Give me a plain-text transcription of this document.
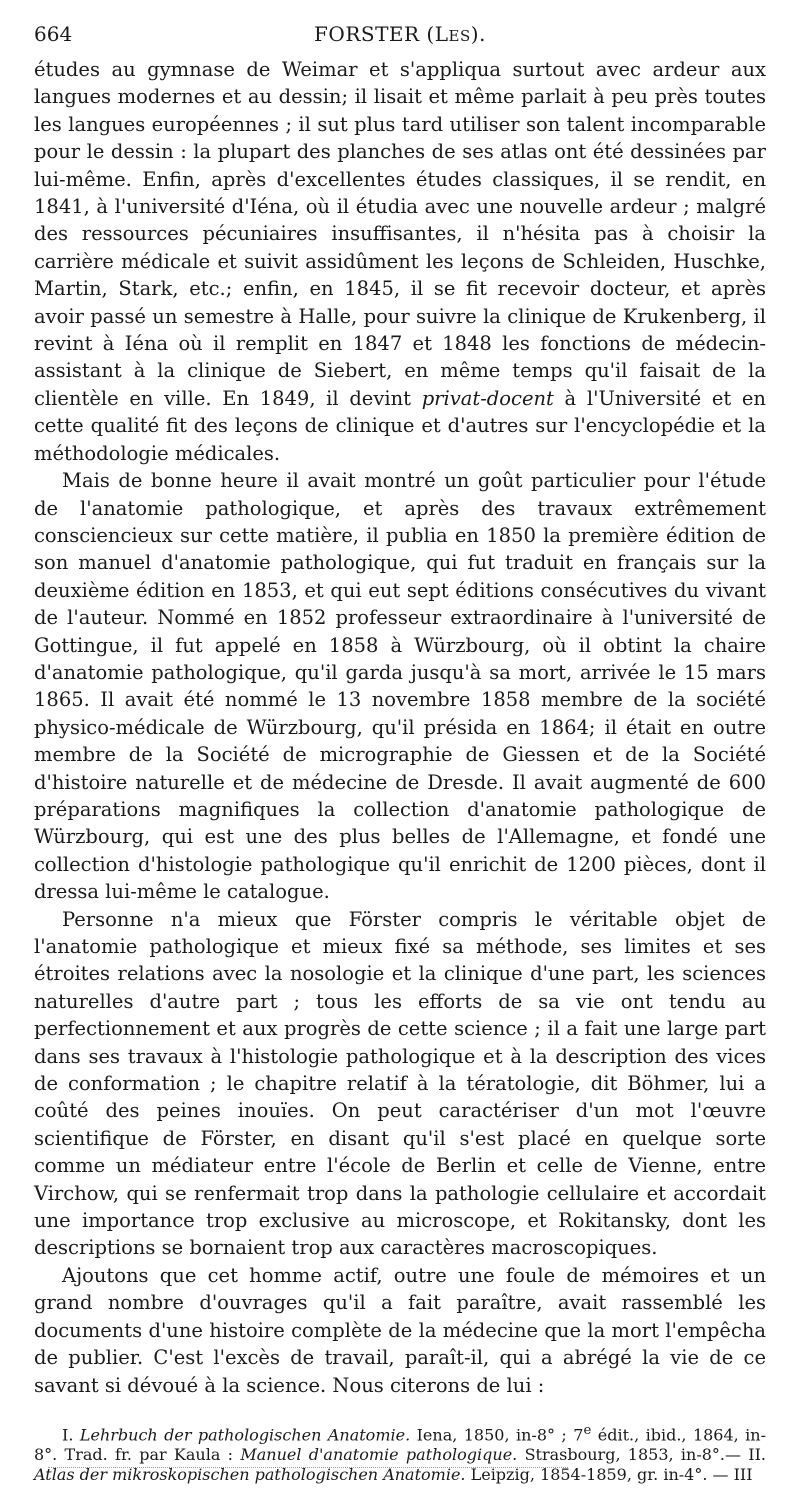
664	FORSTER (LES).

études au gymnase de Weimar et s'appliqua surtout avec ardeur aux langues modernes et au dessin; il lisait et même parlait à peu près toutes les langues européennes ; il sut plus tard utiliser son talent incomparable pour le dessin : la plupart des planches de ses atlas ont été dessinées par lui-même. Enfin, après d'excellentes études classiques, il se rendit, en 1841, à l'université d'Iéna, où il étudia avec une nouvelle ardeur ; malgré des ressources pécuniaires insuffisantes, il n'hésita pas à choisir la carrière médicale et suivit assidûment les leçons de Schleiden, Huschke, Martin, Stark, etc.; enfin, en 1845, il se fit recevoir docteur, et après avoir passé un semestre à Halle, pour suivre la clinique de Krukenberg, il revint à Iéna où il remplit en 1847 et 1848 les fonctions de médecin-assistant à la clinique de Siebert, en même temps qu'il faisait de la clientèle en ville. En 1849, il devint privat-docent à l'Université et en cette qualité fit des leçons de clinique et d'autres sur l'encyclopédie et la méthodologie médicales.

Mais de bonne heure il avait montré un goût particulier pour l'étude de l'anatomie pathologique, et après des travaux extrêmement consciencieux sur cette matière, il publia en 1850 la première édition de son manuel d'anatomie pathologique, qui fut traduit en français sur la deuxième édition en 1853, et qui eut sept éditions consécutives du vivant de l'auteur. Nommé en 1852 professeur extraordinaire à l'université de Gottingue, il fut appelé en 1858 à Würzbourg, où il obtint la chaire d'anatomie pathologique, qu'il garda jusqu'à sa mort, arrivée le 15 mars 1865. Il avait été nommé le 13 novembre 1858 membre de la société physico-médicale de Würzbourg, qu'il présida en 1864; il était en outre membre de la Société de micrographie de Giessen et de la Société d'histoire naturelle et de médecine de Dresde. Il avait augmenté de 600 préparations magnifiques la collection d'anatomie pathologique de Würzbourg, qui est une des plus belles de l'Allemagne, et fondé une collection d'histologie pathologique qu'il enrichit de 1200 pièces, dont il dressa lui-même le catalogue.

Personne n'a mieux que Förster compris le véritable objet de l'anatomie pathologique et mieux fixé sa méthode, ses limites et ses étroites relations avec la nosologie et la clinique d'une part, les sciences naturelles d'autre part ; tous les efforts de sa vie ont tendu au perfectionnement et aux progrès de cette science ; il a fait une large part dans ses travaux à l'histologie pathologique et à la description des vices de conformation ; le chapitre relatif à la tératologie, dit Böhmer, lui a coûté des peines inouïes. On peut caractériser d'un mot l'œuvre scientifique de Förster, en disant qu'il s'est placé en quelque sorte comme un médiateur entre l'école de Berlin et celle de Vienne, entre Virchow, qui se renfermait trop dans la pathologie cellulaire et accordait une importance trop exclusive au microscope, et Rokitansky, dont les descriptions se bornaient trop aux caractères macroscopiques.

Ajoutons que cet homme actif, outre une foule de mémoires et un grand nombre d'ouvrages qu'il a fait paraître, avait rassemblé les documents d'une histoire complète de la médecine que la mort l'empêcha de publier. C'est l'excès de travail, paraît-il, qui a abrégé la vie de ce savant si dévoué à la science. Nous citerons de lui :

I. Lehrbuch der pathologischen Anatomie. Iena, 1850, in-8° ; 7e édit., ibid., 1864, in-8°. Trad. fr. par Kaula : Manuel d'anatomie pathologique. Strasbourg, 1853, in-8°.— II. Atlas der mikroskopischen pathologischen Anatomie. Leipzig, 1854-1859, gr. in-4°. — III
